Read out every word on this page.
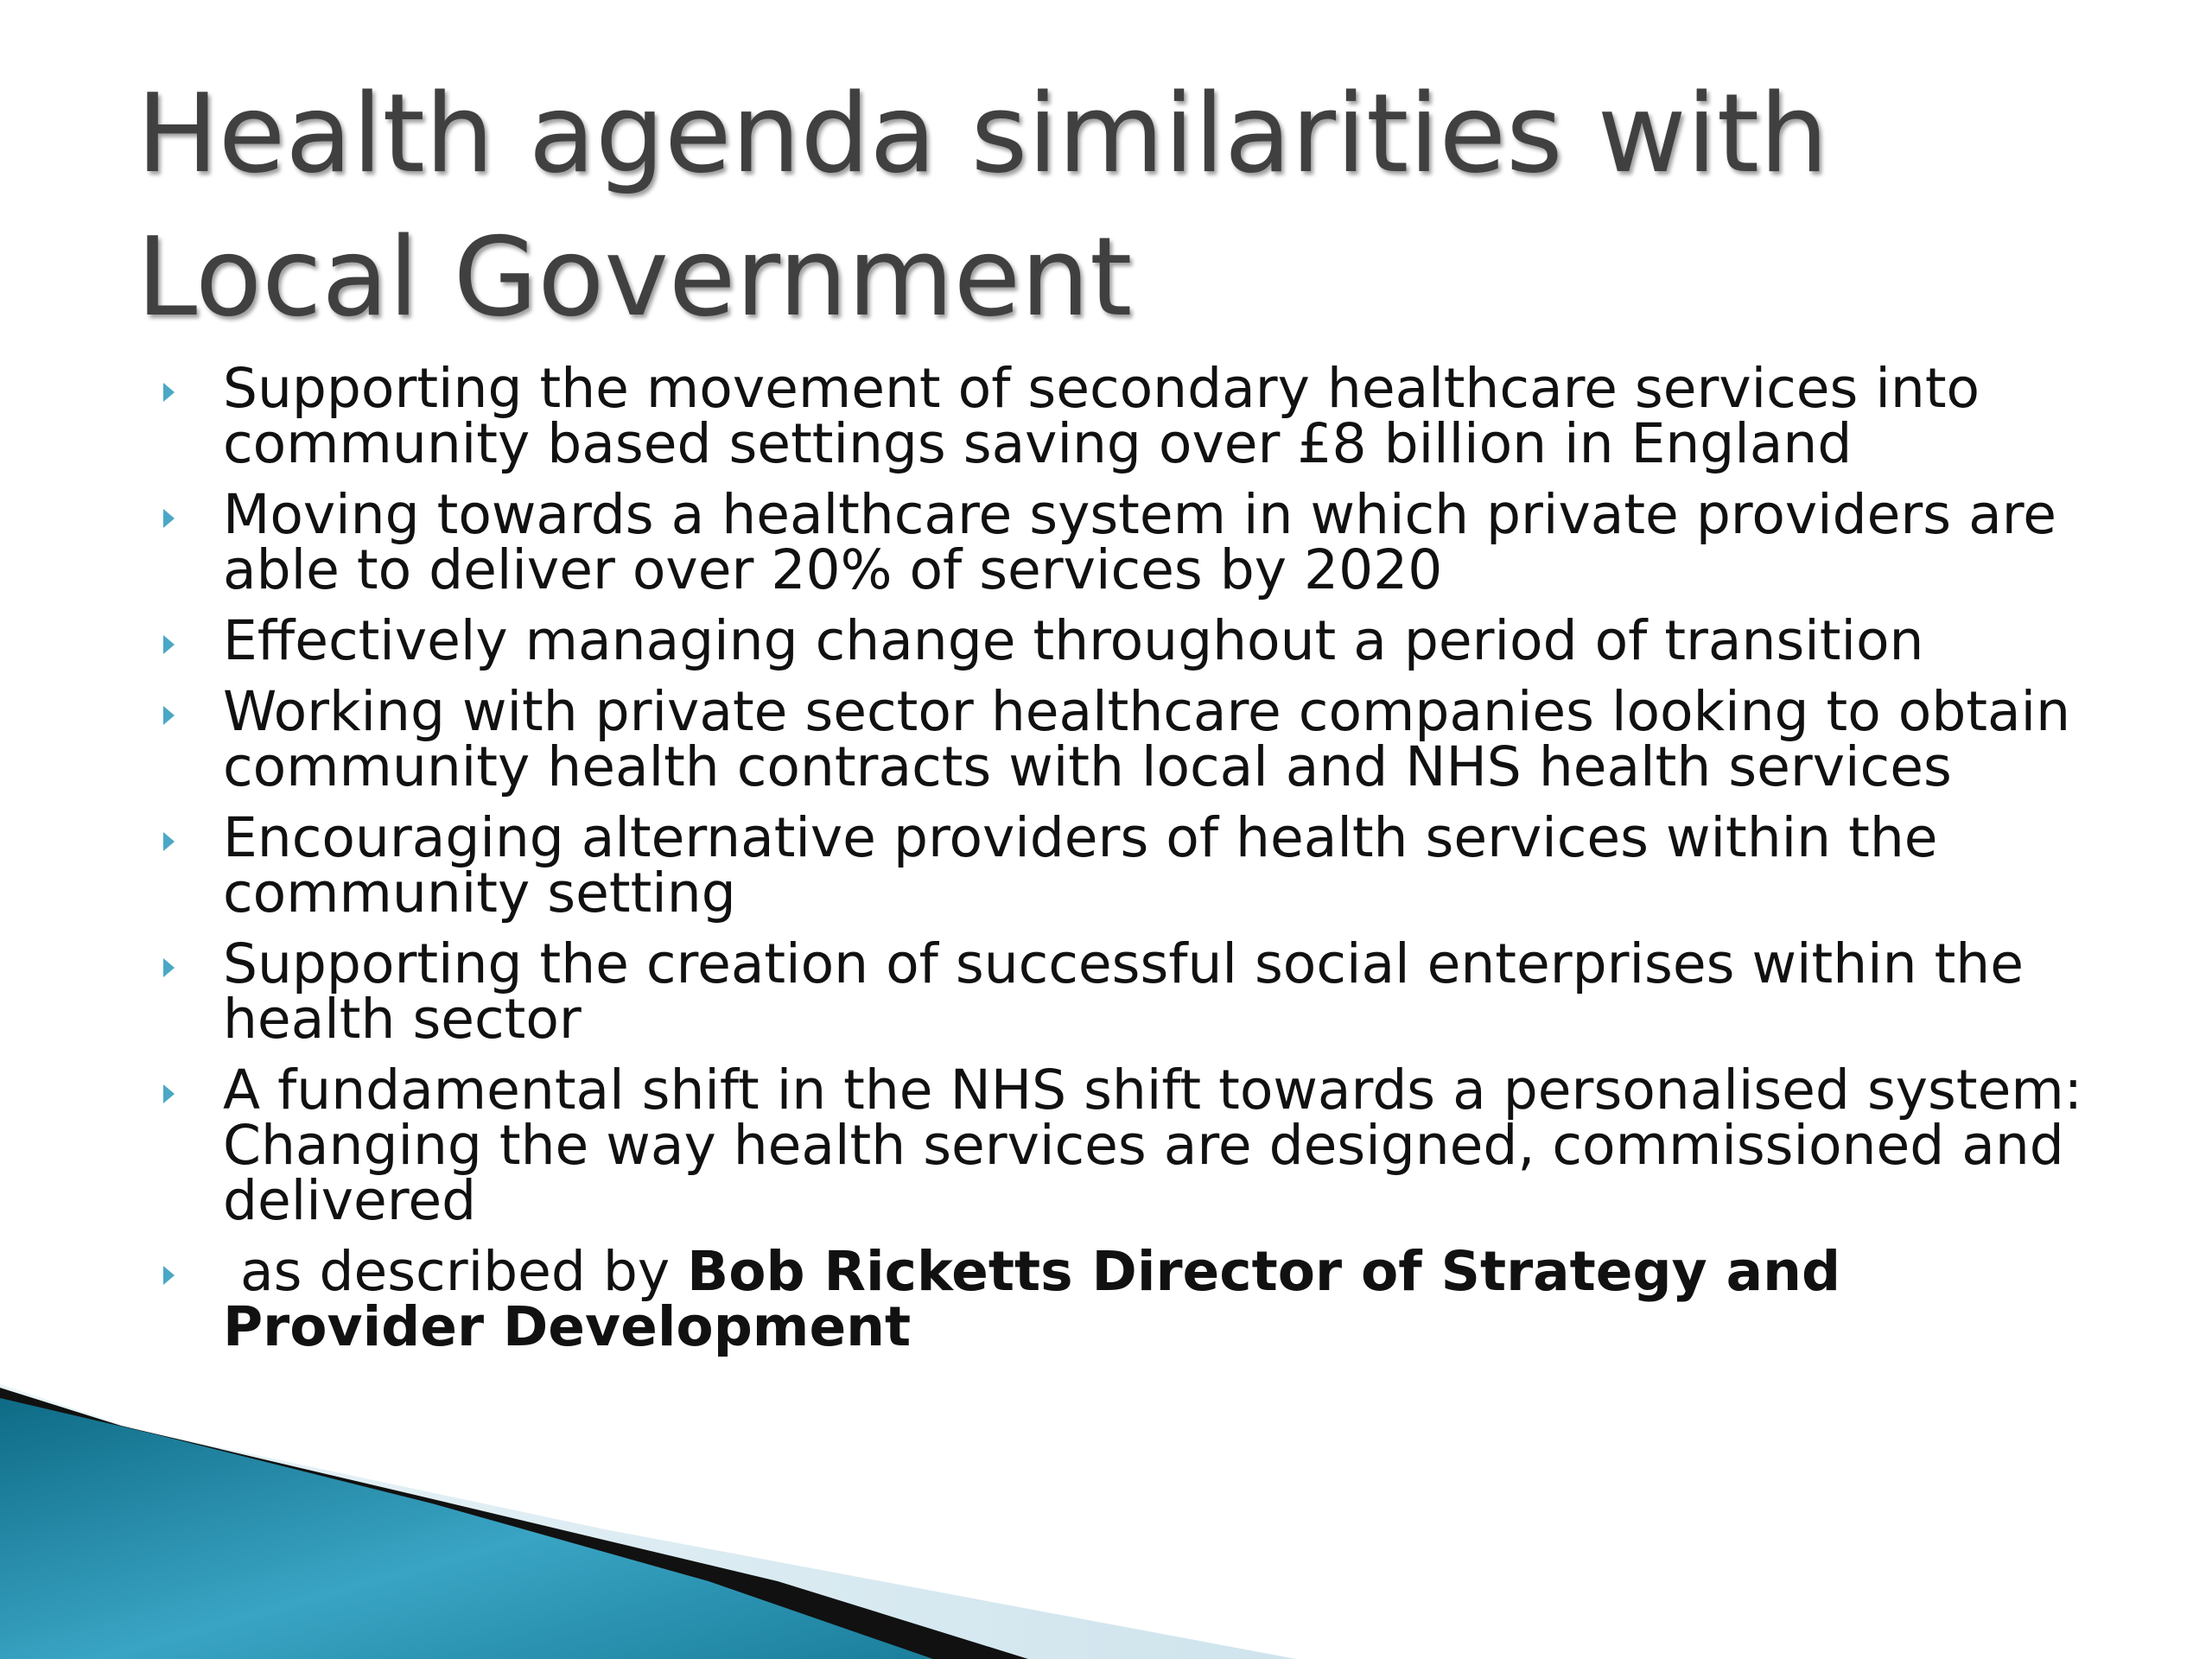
Health agenda similarities with
Local Government
Supporting the movement of secondary healthcare services into community based settings saving over £8 billion in England
Moving towards a healthcare system in which private providers are able to deliver over 20% of services by 2020
Effectively managing change throughout a period of transition
Working with private sector healthcare companies looking to obtain community health contracts with local and NHS health services
Encouraging alternative providers of health services within the community setting
Supporting the creation of successful social enterprises within the health sector
A fundamental shift in the NHS shift towards a personalised system: Changing the way health services are designed, commissioned and delivered
as described by Bob Ricketts Director of Strategy and Provider Development
